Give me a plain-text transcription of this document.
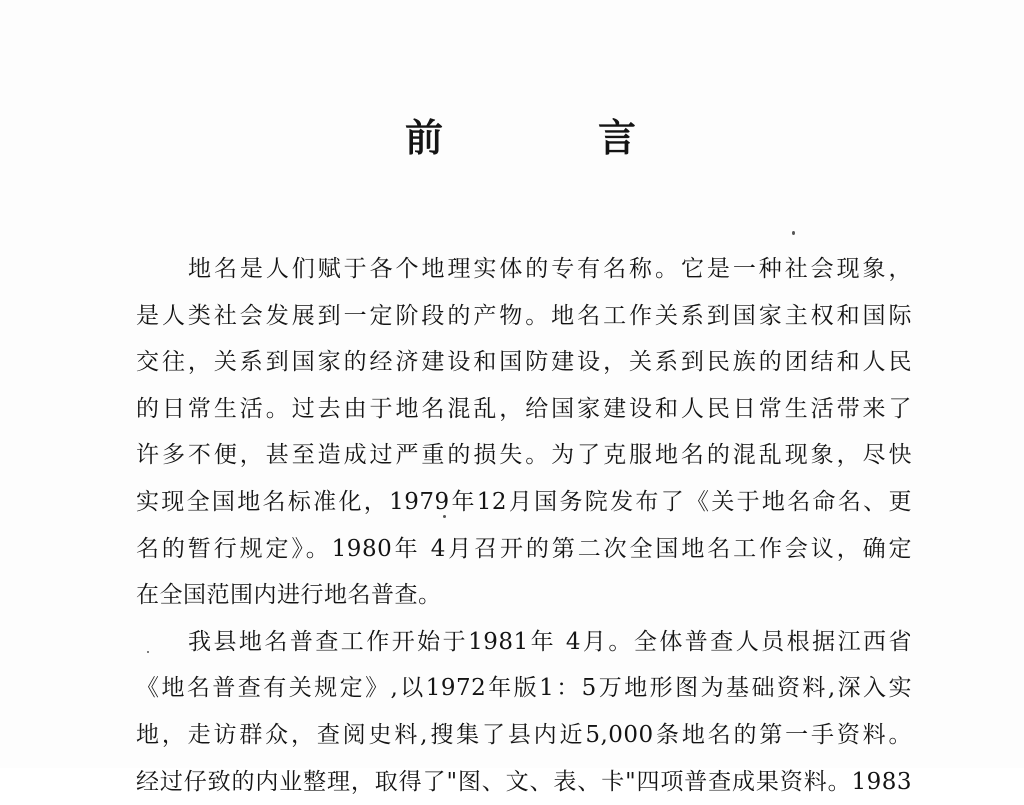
前	言
地名是人们赋于各个地理实体的专有名称。它是一种社会现象，
是人类社会发展到一定阶段的产物。地名工作关系到国家主权和国际
交往，关系到国家的经济建设和国防建设，关系到民族的团结和人民
的日常生活。过去由于地名混乱，给国家建设和人民日常生活带来了
许多不便，甚至造成过严重的损失。为了克服地名的混乱现象，尽快
实现全国地名标准化，1979年12月国务院发布了《关于地名命名、更
名的暂行规定》。1980年 4月召开的第二次全国地名工作会议，确定
在全国范围内进行地名普查。
我县地名普查工作开始于1981年 4月。全体普查人员根据江西省
《地名普查有关规定》,以1972年版1：5万地形图为基础资料,深入实
地，走访群众，查阅史料,搜集了县内近5,000条地名的第一手资料。
经过仔致的内业整理，取得了"图、文、表、卡"四项普查成果资料。1983
